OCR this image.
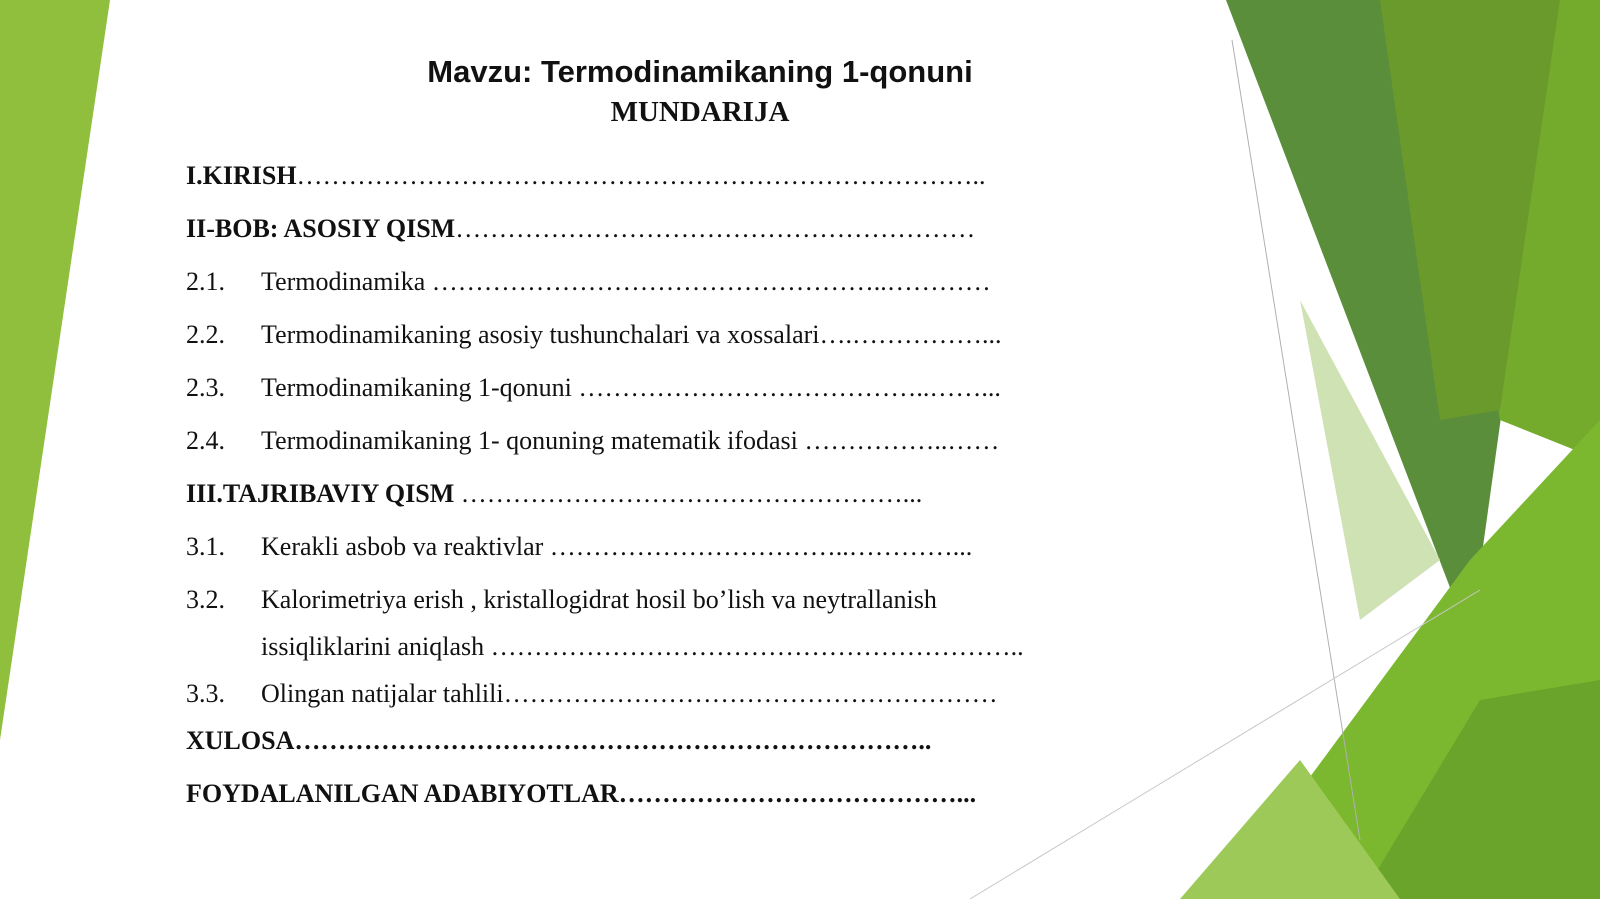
Mavzu: Termodinamikaning 1-qonuni
MUNDARIJA
I.KIRISH……………………………………………………………………..
II-BOB: ASOSIY QISM……………………………………………………
2.1. Termodinamika ……………………………………………..…………
2.2. Termodinamikaning asosiy tushunchalari va xossalari….……………...
2.3. Termodinamikaning 1-qonuni …………………………………..……...
2.4. Termodinamikaning 1- qonuning matematik ifodasi ……………..……
III.TAJRIBAVIY QISM ……………………………………………...
3.1. Kerakli asbob va reaktivlar ……………………………..…………...
3.2. Kalorimetriya erish , kristallogidrat hosil bo’lish va neytrallanish
issiqliklarini aniqlash ……………………………………………………..
3.3. Olingan natijalar tahlili…………………………………………………
XULOSA………………………………………………………………..
FOYDALANILGAN ADABIYOTLAR…………………………………...
